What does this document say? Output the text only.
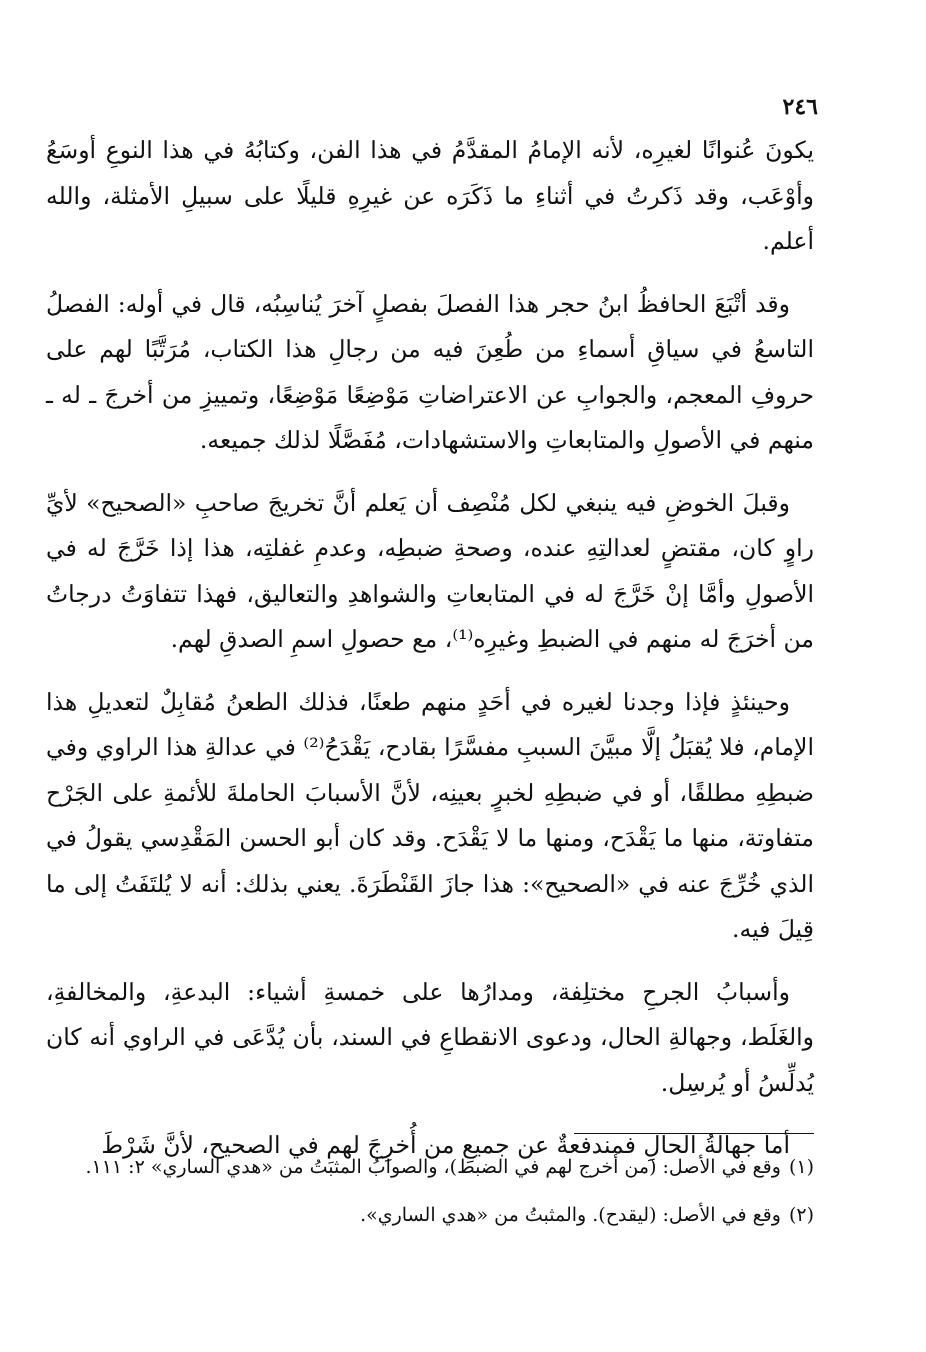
٢٤٦

يكونَ عُنوانًا لغيرِه، لأنه الإمامُ المقدَّمُ في هذا الفن، وكتابُهُ في هذا النوعِ أوسَعُ وأوْعَب، وقد ذَكرتُ في أثناءِ ما ذَكَرَه عن غيرِهِ قليلًا على سبيلِ الأمثلة، والله أعلم.

وقد أتْبَعَ الحافظُ ابنُ حجر هذا الفصلَ بفصلٍ آخرَ يُناسِبُه، قال في أوله: الفصلُ التاسعُ في سياقِ أسماءِ من طُعِنَ فيه من رجالِ هذا الكتاب، مُرَتَّبًا لهم على حروفِ المعجم، والجوابِ عن الاعتراضاتِ مَوْضِعًا مَوْضِعًا، وتمييزِ من أخرجَ ـ له ـ منهم في الأصولِ والمتابعاتِ والاستشهادات، مُفَصَّلًا لذلك جميعه.

وقبلَ الخوضِ فيه ينبغي لكل مُنْصِف أن يَعلم أنَّ تخريجَ صاحبِ «الصحيح» لأيِّ راوٍ كان، مقتضٍ لعدالتِهِ عنده، وصحةِ ضبطِه، وعدمِ غفلتِه، هذا إذا خَرَّجَ له في الأصولِ وأمَّا إنْ خَرَّجَ له في المتابعاتِ والشواهدِ والتعاليق، فهذا تتفاوَتُ درجاتُ من أخرَجَ له منهم في الضبطِ وغيرِه⁽¹⁾، مع حصولِ اسمِ الصدقِ لهم.

وحينئذٍ فإذا وجدنا لغيره في أحَدٍ منهم طعنًا، فذلك الطعنُ مُقابِلٌ لتعديلِ هذا الإمام، فلا يُقبَلُ إلَّا مبيَّنَ السببِ مفسَّرًا بقادح، يَقْدَحُ⁽²⁾ في عدالةِ هذا الراوي وفي ضبطِهِ مطلقًا، أو في ضبطِهِ لخبرٍ بعينِه، لأنَّ الأسبابَ الحاملةَ للأئمةِ على الجَرْح متفاوتة، منها ما يَقْدَح، ومنها ما لا يَقْدَح. وقد كان أبو الحسن المَقْدِسي يقولُ في الذي خُرِّجَ عنه في «الصحيح»: هذا جازَ القَنْطَرَةَ. يعني بذلك: أنه لا يُلتَفَتُ إلى ما قِيلَ فيه.

وأسبابُ الجرحِ مختلِفة، ومدارُها على خمسةِ أشياء: البدعةِ، والمخالفةِ، والغَلَط، وجهالةِ الحال، ودعوى الانقطاعِ في السند، بأن يُدَّعَى في الراوي أنه كان يُدلِّسُ أو يُرسِل.

أما جهالةُ الحالِ فمندفعةٌ عن جميعِ من أُخرِجَ لهم في الصحيح، لأنَّ شَرْطَ

(١)وقع في الأصل: (من أخرج لهم في الضبط)، والصوابُ المثبَتُ من «هدي الساري» ٢: ١١١.

(٢)وقع في الأصل: (ليقدح). والمثبتُ من «هدي الساري».
